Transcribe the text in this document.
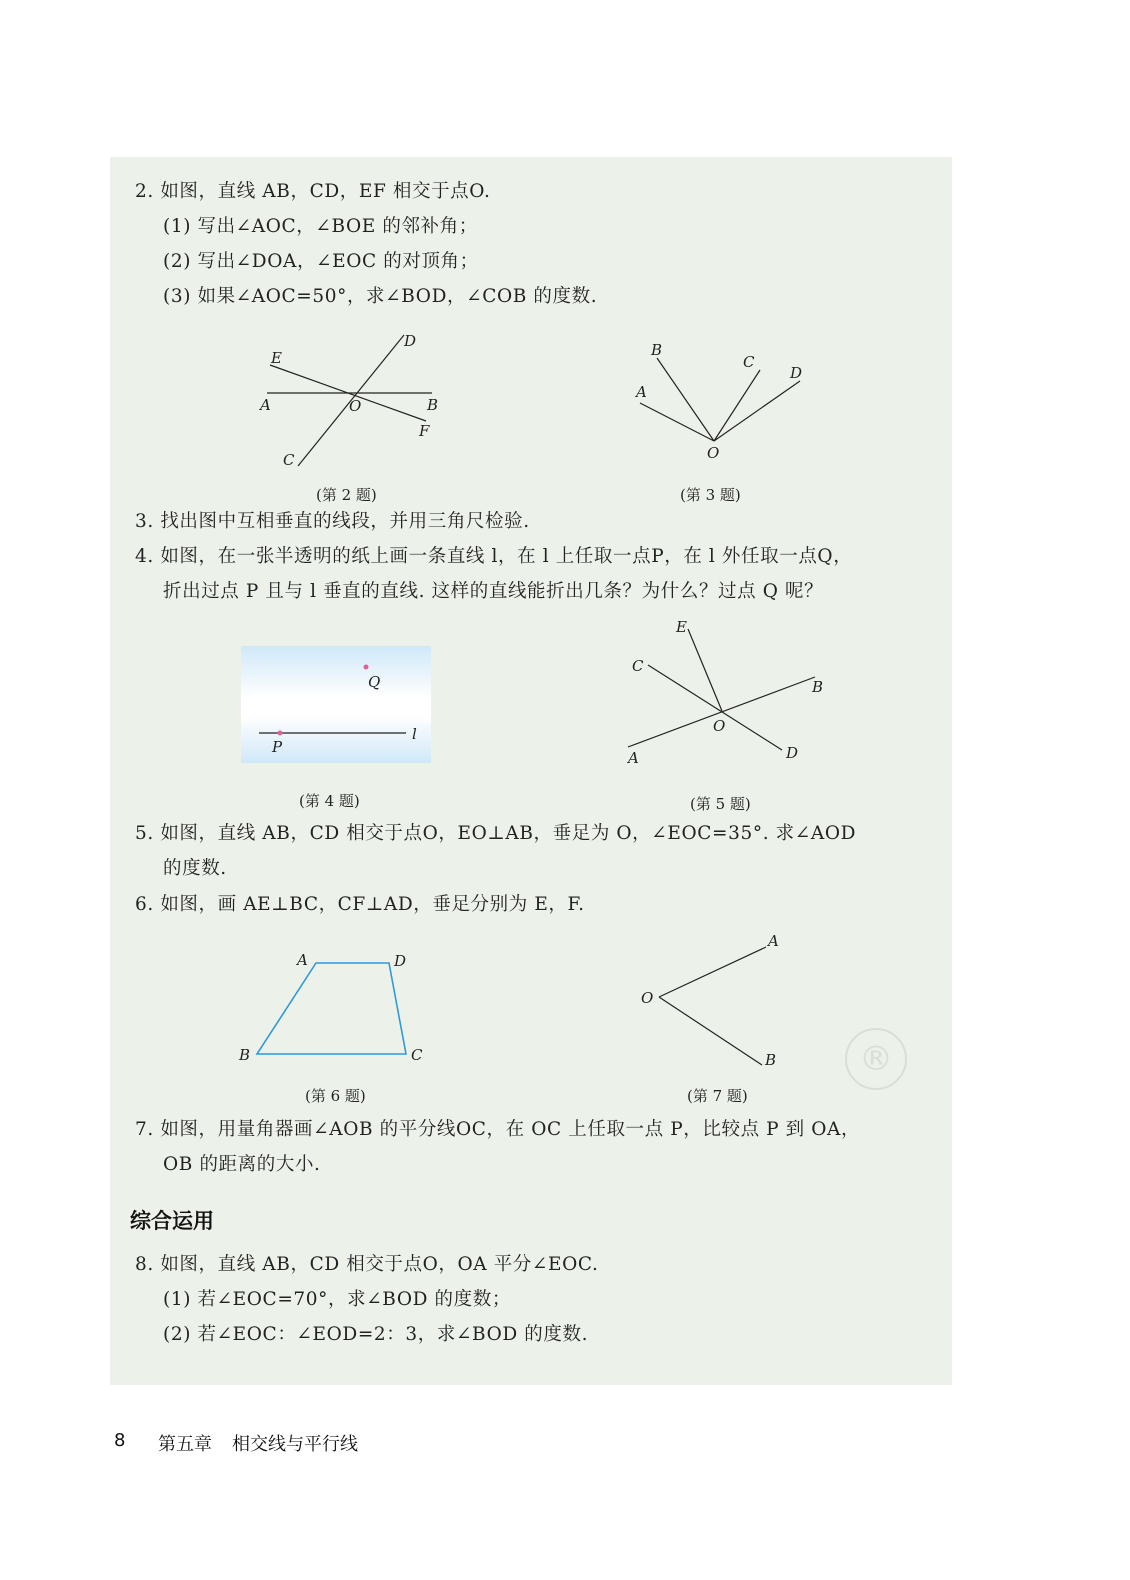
®
2. 如图，直线 AB，CD，EF 相交于点O.
(1) 写出∠AOC，∠BOE 的邻补角；
(2) 写出∠DOA，∠EOC 的对顶角；
(3) 如果∠AOC=50°，求∠BOD，∠COB 的度数.
E
D
A	O	B
F
C
B
C
D
A
O
E
C
B
O
A	D
A	D
B	C
A
O
B
Q
P
l
(第 2 题)	(第 3 题)
(第 4 题)	(第 5 题)
(第 6 题)	(第 7 题)
3. 找出图中互相垂直的线段，并用三角尺检验.
4. 如图，在一张半透明的纸上画一条直线 l，在 l 上任取一点P，在 l 外任取一点Q，
折出过点 P 且与 l 垂直的直线. 这样的直线能折出几条？为什么？过点 Q 呢？
5. 如图，直线 AB，CD 相交于点O，EO⊥AB，垂足为 O，∠EOC=35°. 求∠AOD
的度数.
6. 如图，画 AE⊥BC，CF⊥AD，垂足分别为 E，F.
7. 如图，用量角器画∠AOB 的平分线OC，在 OC 上任取一点 P，比较点 P 到 OA，
OB 的距离的大小.
综合运用
8. 如图，直线 AB，CD 相交于点O，OA 平分∠EOC.
(1) 若∠EOC=70°，求∠BOD 的度数；
(2) 若∠EOC：∠EOD=2：3，求∠BOD 的度数.
8 第五章 相交线与平行线
